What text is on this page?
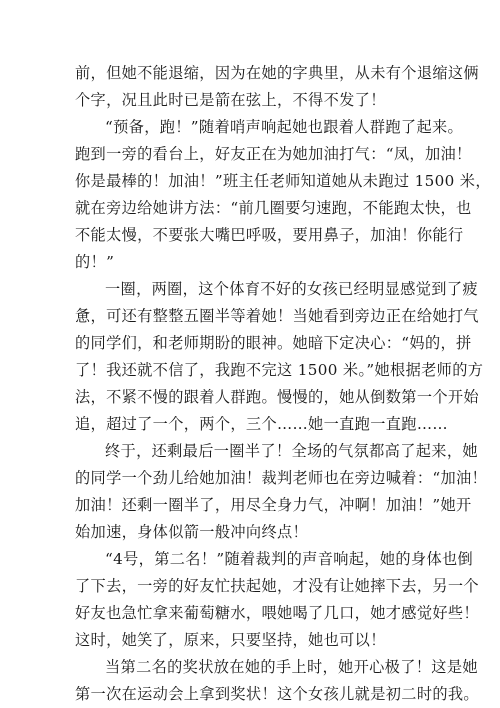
前，但她不能退缩，因为在她的字典里，从未有个退缩这俩
个字，况且此时已是箭在弦上，不得不发了！
“预备，跑！”随着哨声响起她也跟着人群跑了起来。
跑到一旁的看台上，好友正在为她加油打气：“凤，加油！
你是最棒的！加油！”班主任老师知道她从未跑过 1500 米，
就在旁边给她讲方法：“前几圈要匀速跑，不能跑太快，也
不能太慢，不要张大嘴巴呼吸，要用鼻子，加油！你能行
的！”
一圈，两圈，这个体育不好的女孩已经明显感觉到了疲
惫，可还有整整五圈半等着她！当她看到旁边正在给她打气
的同学们，和老师期盼的眼神。她暗下定决心：“妈的，拼
了！我还就不信了，我跑不完这 1500 米。”她根据老师的方
法，不紧不慢的跟着人群跑。慢慢的，她从倒数第一个开始
追，超过了一个，两个，三个……她一直跑一直跑……
终于，还剩最后一圈半了！全场的气氛都高了起来，她
的同学一个劲儿给她加油！裁判老师也在旁边喊着：“加油！
加油！还剩一圈半了，用尽全身力气，冲啊！加油！”她开
始加速，身体似箭一般冲向终点！
“4号，第二名！”随着裁判的声音响起，她的身体也倒
了下去，一旁的好友忙扶起她，才没有让她摔下去，另一个
好友也急忙拿来葡萄糖水，喂她喝了几口，她才感觉好些！
这时，她笑了，原来，只要坚持，她也可以！
当第二名的奖状放在她的手上时，她开心极了！这是她
第一次在运动会上拿到奖状！这个女孩儿就是初二时的我。
